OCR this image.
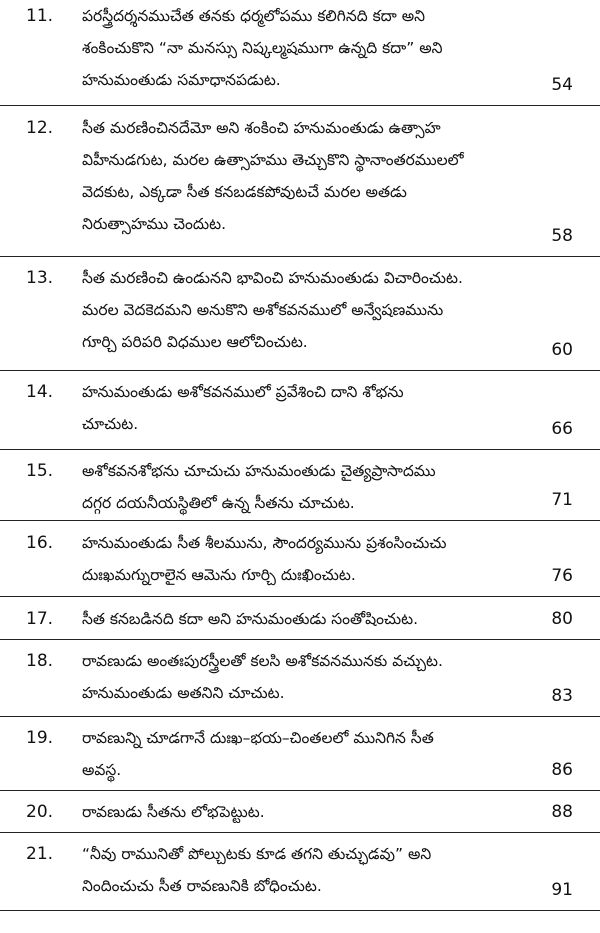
11.	పరస్త్రీదర్శనముచేత తనకు ధర్మలోపము కలిగినది కదా అని
శంకించుకొని “నా మనస్సు నిష్కల్మషముగా ఉన్నది కదా” అని
హనుమంతుడు సమాధానపడుట.	54
12.	సీత మరణించినదేమో అని శంకించి హనుమంతుడు ఉత్సాహ
విహీనుడగుట, మరల ఉత్సాహము తెచ్చుకొని స్థానాంతరములలో
వెదకుట, ఎక్కడా సీత కనబడకపోవుటచే మరల అతడు
నిరుత్సాహము చెందుట.
58
13.	సీత మరణించి ఉండునని భావించి హనుమంతుడు విచారించుట.
మరల వెదకెదమని అనుకొని అశోకవనములో అన్వేషణమును
గూర్చి పరిపరి విధముల ఆలోచించుట.	60
14.	హనుమంతుడు అశోకవనములో ప్రవేశించి దాని శోభను
చూచుట.	66
15.	అశోకవనశోభను చూచుచు హనుమంతుడు చైత్యప్రాసాదము
దగ్గర దయనీయస్థితిలో ఉన్న సీతను చూచుట.	71
16.	హనుమంతుడు సీత శీలమును, సౌందర్యమును ప్రశంసించుచు
దుఃఖమగ్నురాలైన ఆమెను గూర్చి దుఃఖించుట.	76
17.	సీత కనబడినది కదా అని హనుమంతుడు సంతోషించుట.	80
18.	రావణుడు అంతఃపురస్త్రీలతో కలసి అశోకవనమునకు వచ్చుట.
హనుమంతుడు అతనిని చూచుట.	83
19.	రావణున్ని చూడగానే దుఃఖ–భయ–చింతలలో మునిగిన సీత
అవస్థ.	86
20.	రావణుడు సీతను లోభపెట్టుట.	88
21.	“నీవు రామునితో పోల్చుటకు కూడ తగని తుచ్ఛుడవు” అని
నిందించుచు సీత రావణునికి బోధించుట.	91
